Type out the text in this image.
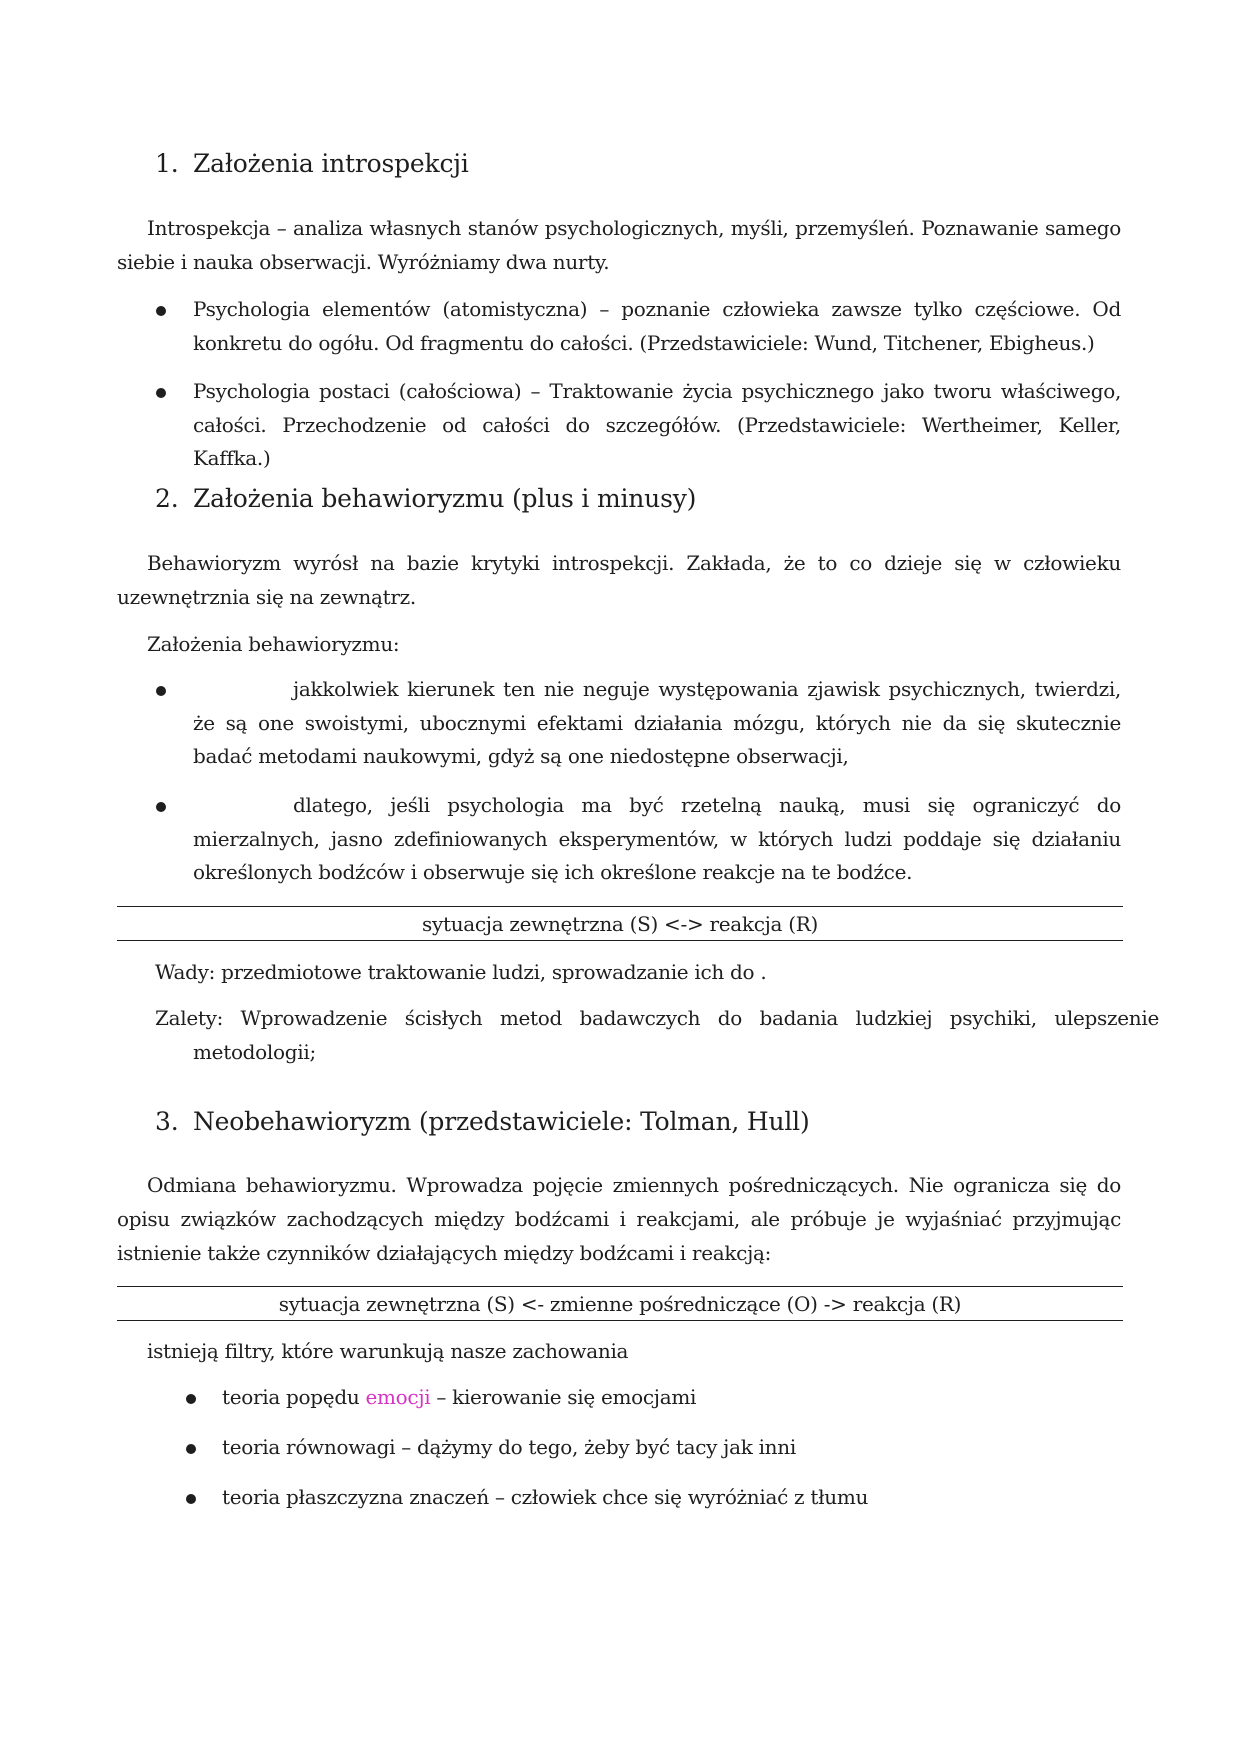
1. Założenia introspekcji

Introspekcja – analiza własnych stanów psychologicznych, myśli, przemyśleń. Poznawanie samego siebie i nauka obserwacji. Wyróżniamy dwa nurty.

Psychologia elementów (atomistyczna) – poznanie człowieka zawsze tylko częściowe. Od konkretu do ogółu. Od fragmentu do całości. (Przedstawiciele: Wund, Titchener, Ebigheus.)

Psychologia postaci (całościowa) – Traktowanie życia psychicznego jako tworu właściwego, całości. Przechodzenie od całości do szczegółów. (Przedstawiciele: Wertheimer, Keller, Kaffka.)

2. Założenia behawioryzmu (plus i minusy)

Behawioryzm wyrósł na bazie krytyki introspekcji. Zakłada, że to co dzieje się w człowieku uzewnętrznia się na zewnątrz.

Założenia behawioryzmu:

jakkolwiek kierunek ten nie neguje występowania zjawisk psychicznych, twierdzi, że są one swoistymi, ubocznymi efektami działania mózgu, których nie da się skutecznie badać metodami naukowymi, gdyż są one niedostępne obserwacji,

dlatego, jeśli psychologia ma być rzetelną nauką, musi się ograniczyć do mierzalnych, jasno zdefiniowanych eksperymentów, w których ludzi poddaje się działaniu określonych bodźców i obserwuje się ich określone reakcje na te bodźce.

sytuacja zewnętrzna (S) <-> reakcja (R)

Wady: przedmiotowe traktowanie ludzi, sprowadzanie ich do .

Zalety: Wprowadzenie ścisłych metod badawczych do badania ludzkiej psychiki, ulepszenie metodologii;

3. Neobehawioryzm (przedstawiciele: Tolman, Hull)

Odmiana behawioryzmu. Wprowadza pojęcie zmiennych pośredniczących. Nie ogranicza się do opisu związków zachodzących między bodźcami i reakcjami, ale próbuje je wyjaśniać przyjmując istnienie także czynników działających między bodźcami i reakcją:

sytuacja zewnętrzna (S) <- zmienne pośredniczące (O) -> reakcja (R)

istnieją filtry, które warunkują nasze zachowania

teoria popędu emocji – kierowanie się emocjami

teoria równowagi – dążymy do tego, żeby być tacy jak inni

teoria płaszczyzna znaczeń – człowiek chce się wyróżniać z tłumu
